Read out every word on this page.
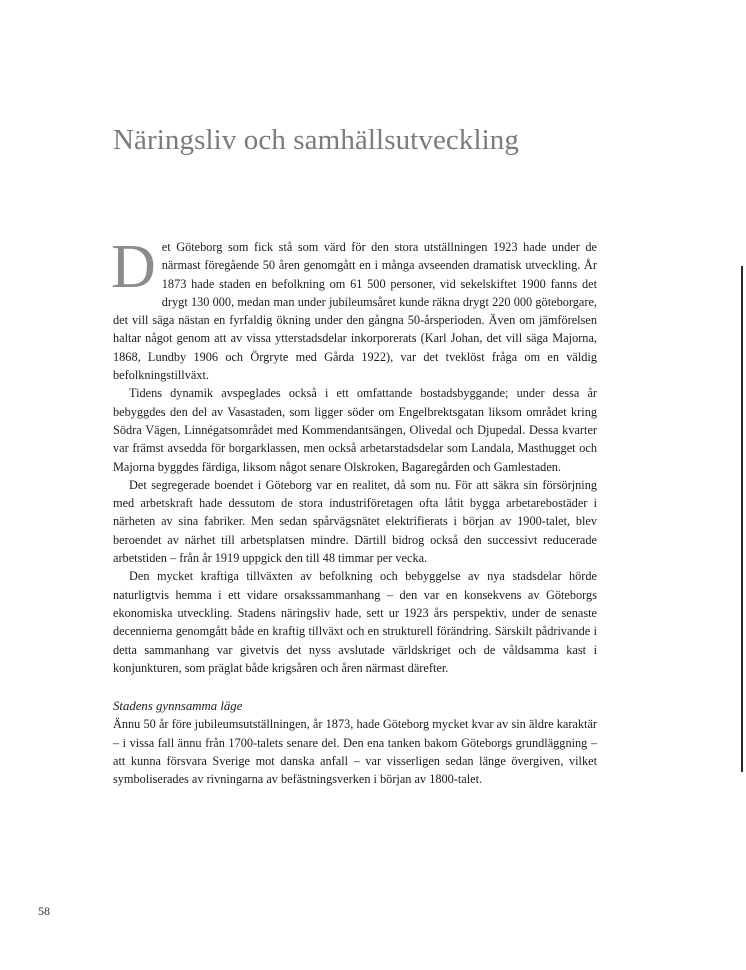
Näringsliv och samhällsutveckling

Det Göteborg som fick stå som värd för den stora utställningen 1923 hade under de närmast föregående 50 åren genomgått en i många avseenden dramatisk utveckling. År 1873 hade staden en befolkning om 61 500 personer, vid sekelskiftet 1900 fanns det drygt 130 000, medan man under jubileumsåret kunde räkna drygt 220 000 göteborgare, det vill säga nästan en fyrfaldig ökning under den gångna 50-årsperioden. Även om jämförelsen haltar något genom att av vissa ytterstadsdelar inkorporerats (Karl Johan, det vill säga Majorna, 1868, Lundby 1906 och Örgryte med Gårda 1922), var det tveklöst fråga om en väldig befolkningstillväxt.

Tidens dynamik avspeglades också i ett omfattande bostadsbyggande; under dessa år bebyggdes den del av Vasastaden, som ligger söder om Engelbrektsgatan liksom området kring Södra Vägen, Linnégatsområdet med Kommendantsängen, Olivedal och Djupedal. Dessa kvarter var främst avsedda för borgarklassen, men också arbetarstadsdelar som Landala, Masthugget och Majorna byggdes färdiga, liksom något senare Olskroken, Bagaregården och Gamlestaden.

Det segregerade boendet i Göteborg var en realitet, då som nu. För att säkra sin försörjning med arbetskraft hade dessutom de stora industriföretagen ofta låtit bygga arbetarebostäder i närheten av sina fabriker. Men sedan spårvägsnätet elektrifierats i början av 1900-talet, blev beroendet av närhet till arbetsplatsen mindre. Därtill bidrog också den successivt reducerade arbetstiden – från år 1919 uppgick den till 48 timmar per vecka.

Den mycket kraftiga tillväxten av befolkning och bebyggelse av nya stadsdelar hörde naturligtvis hemma i ett vidare orsakssammanhang – den var en konsekvens av Göteborgs ekonomiska utveckling. Stadens näringsliv hade, sett ur 1923 års perspektiv, under de senaste decennierna genomgått både en kraftig tillväxt och en strukturell förändring. Särskilt pådrivande i detta sammanhang var givetvis det nyss avslutade världskriget och de våldsamma kast i konjunkturen, som präglat både krigsåren och åren närmast därefter.

Stadens gynnsamma läge

Ännu 50 år före jubileumsutställningen, år 1873, hade Göteborg mycket kvar av sin äldre karaktär – i vissa fall ännu från 1700-talets senare del. Den ena tanken bakom Göteborgs grundläggning – att kunna försvara Sverige mot danska anfall – var visserligen sedan länge övergiven, vilket symboliserades av rivningarna av befästningsverken i början av 1800-talet.

58
